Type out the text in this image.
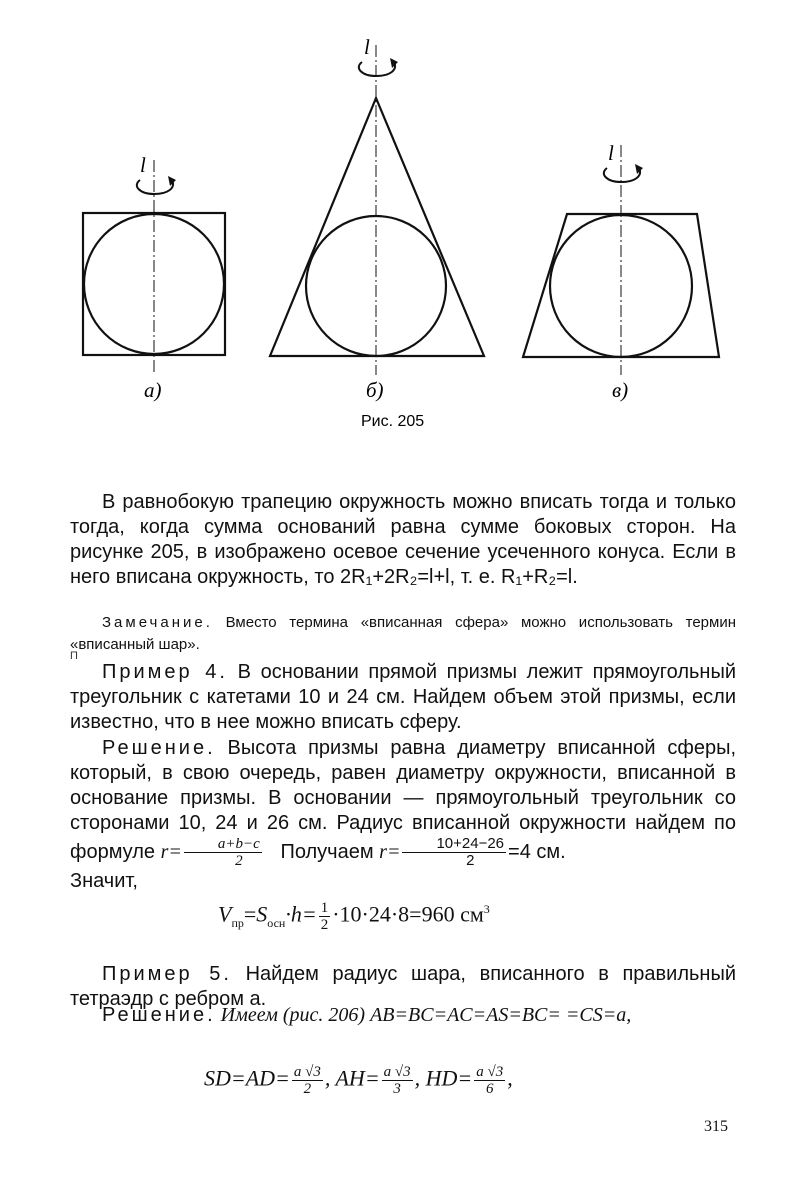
l
а)
l
б)
l
в)
Рис. 205

В равнобокую трапецию окружность можно вписать тогда и только тогда, когда сумма оснований равна сумме боковых сторон. На рисунке 205, в изображено осевое сечение усеченного конуса. Если в него вписана окружность, то 2R₁+2R₂=l+l, т. е. R₁+R₂=l.

Замечание. Вместо термина «вписанная сфера» можно использовать термин «вписанный шар».
П
Пример 4. В основании прямой призмы лежит прямоугольный треугольник с катетами 10 и 24 см. Найдем объем этой призмы, если известно, что в нее можно вписать сферу.
Решение. Высота призмы равна диаметру вписанной сферы, который, в свою очередь, равен диаметру окружности, вписанной в основание призмы. В основании — прямоугольный треугольник со сторонами 10, 24 и 26 см. Радиус вписанной окружности найдем по формуле $r= \frac{a+b-c}{2}$ Получаем $r= \frac{10+24-26}{2} =4$ см.
Значит,
$V_{пр}=S_{осн}\cdot h= \frac{1}{2} \cdot 10\cdot 24\cdot 8=960$ $см^3$
Пример 5. Найдем радиус шара, вписанного в правильный тетраэдр с ребром a.
Решение. Имеем (рис. 206) AB=BC=AC=AS=BC= =CS=a,
$SD=AD= \frac{a √3}{2}$ , $AH= \frac{a √3}{3}$ , $HD= \frac{a √3}{6}$ ,
315
